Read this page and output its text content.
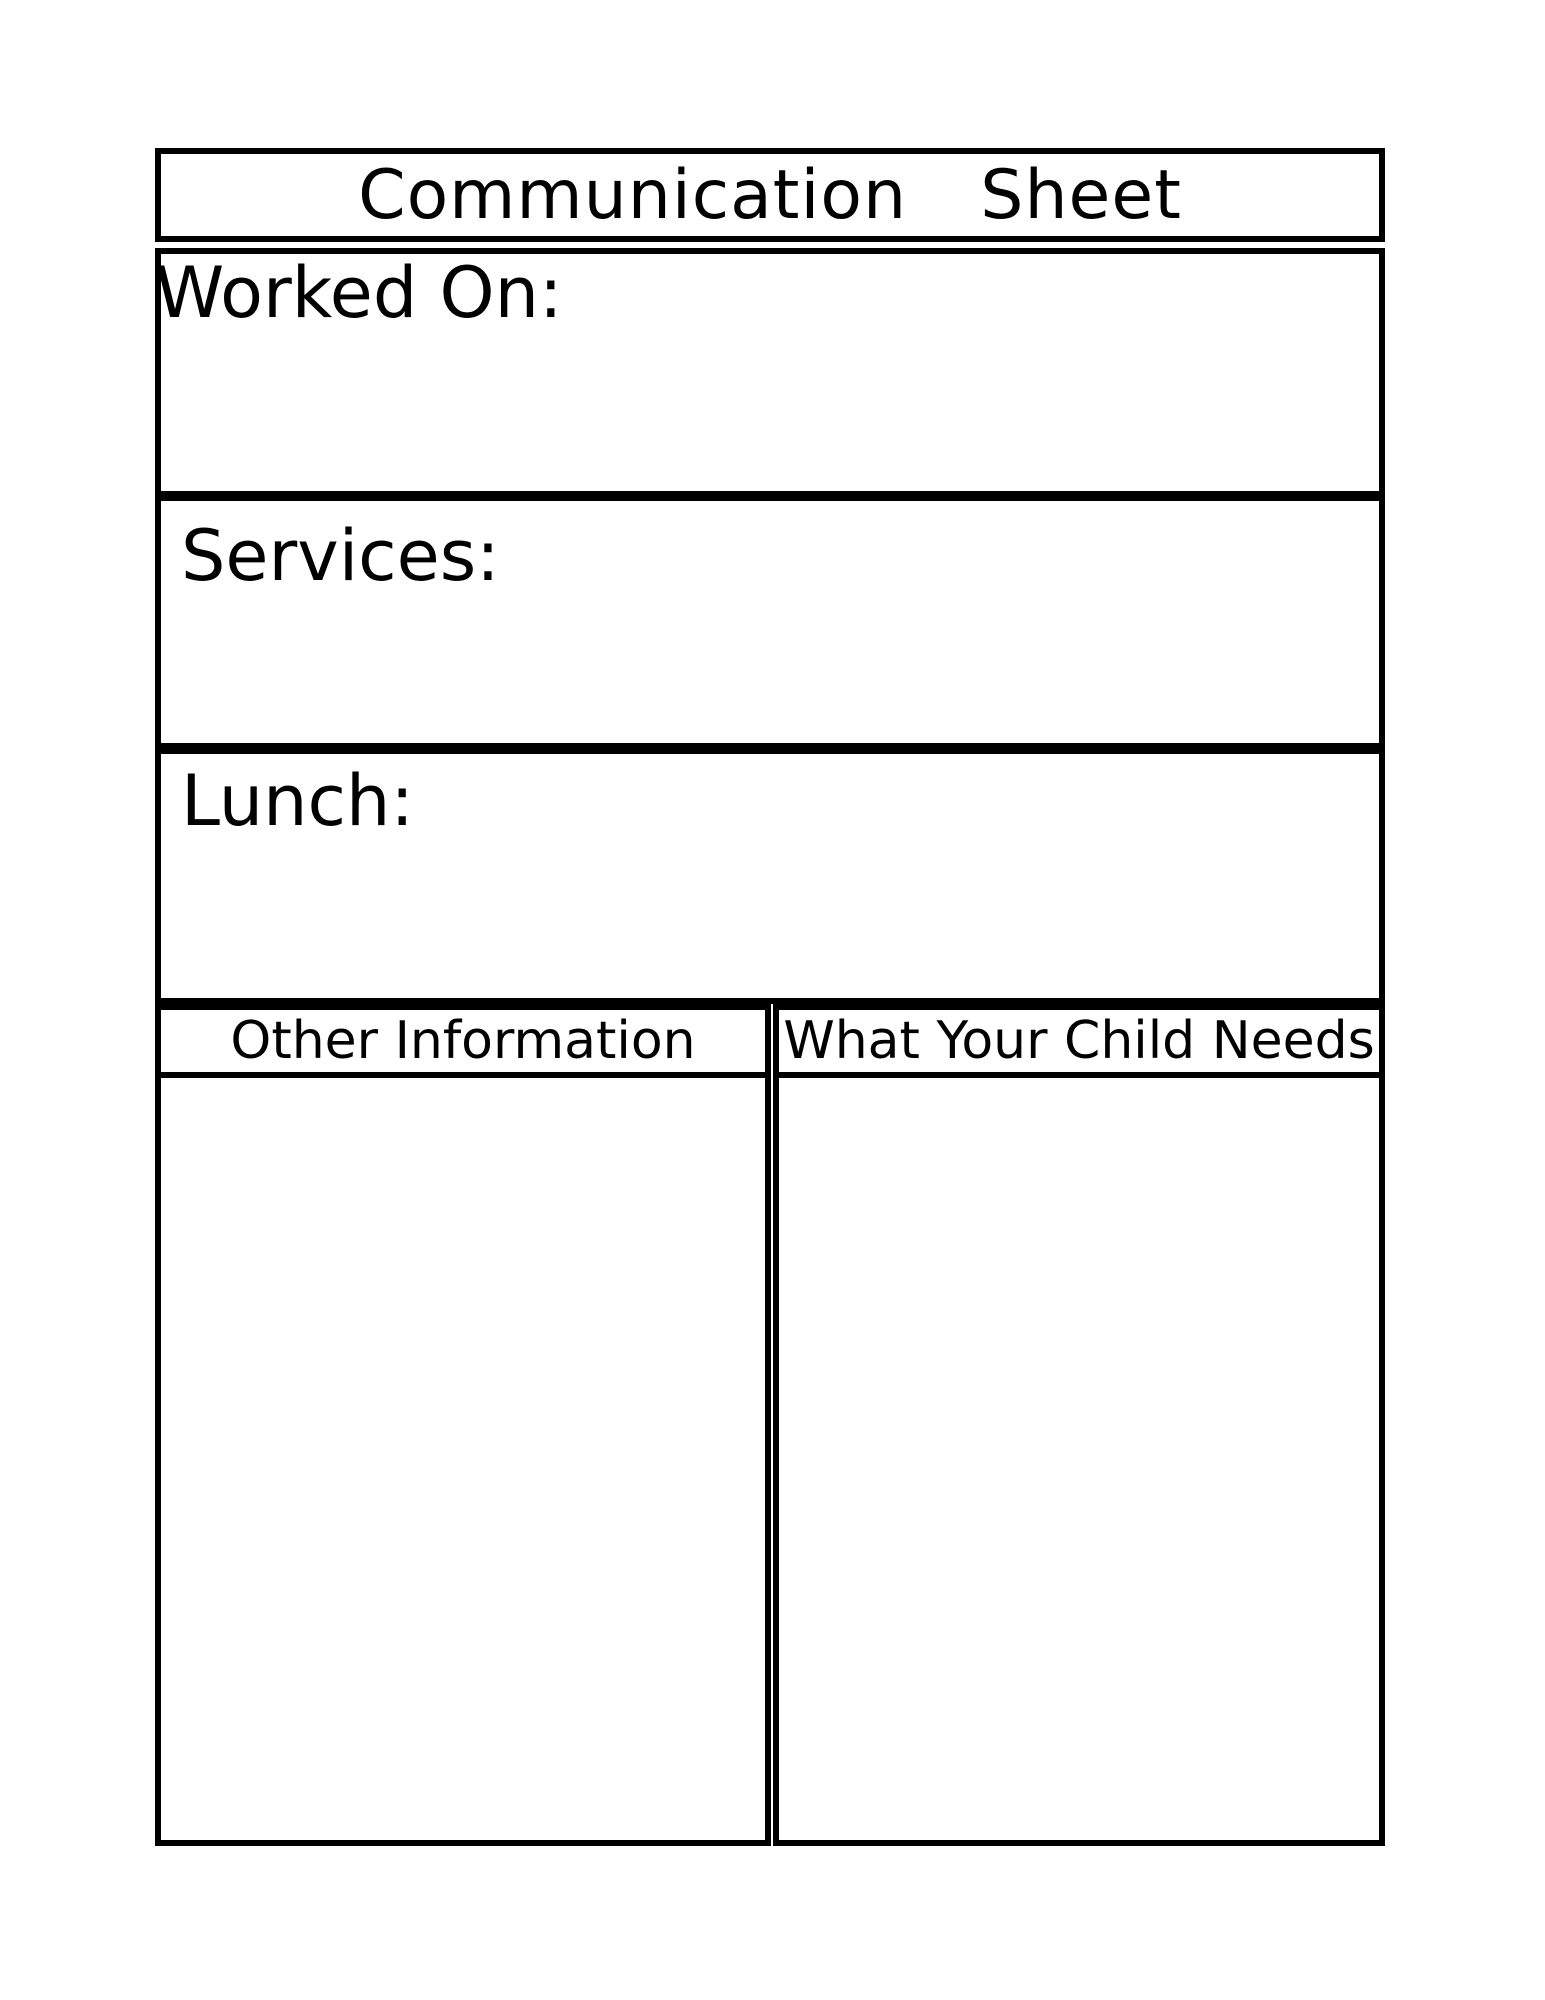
Communication  Sheet
Worked On:
Services:
Lunch:
Other Information	What Your Child Needs
